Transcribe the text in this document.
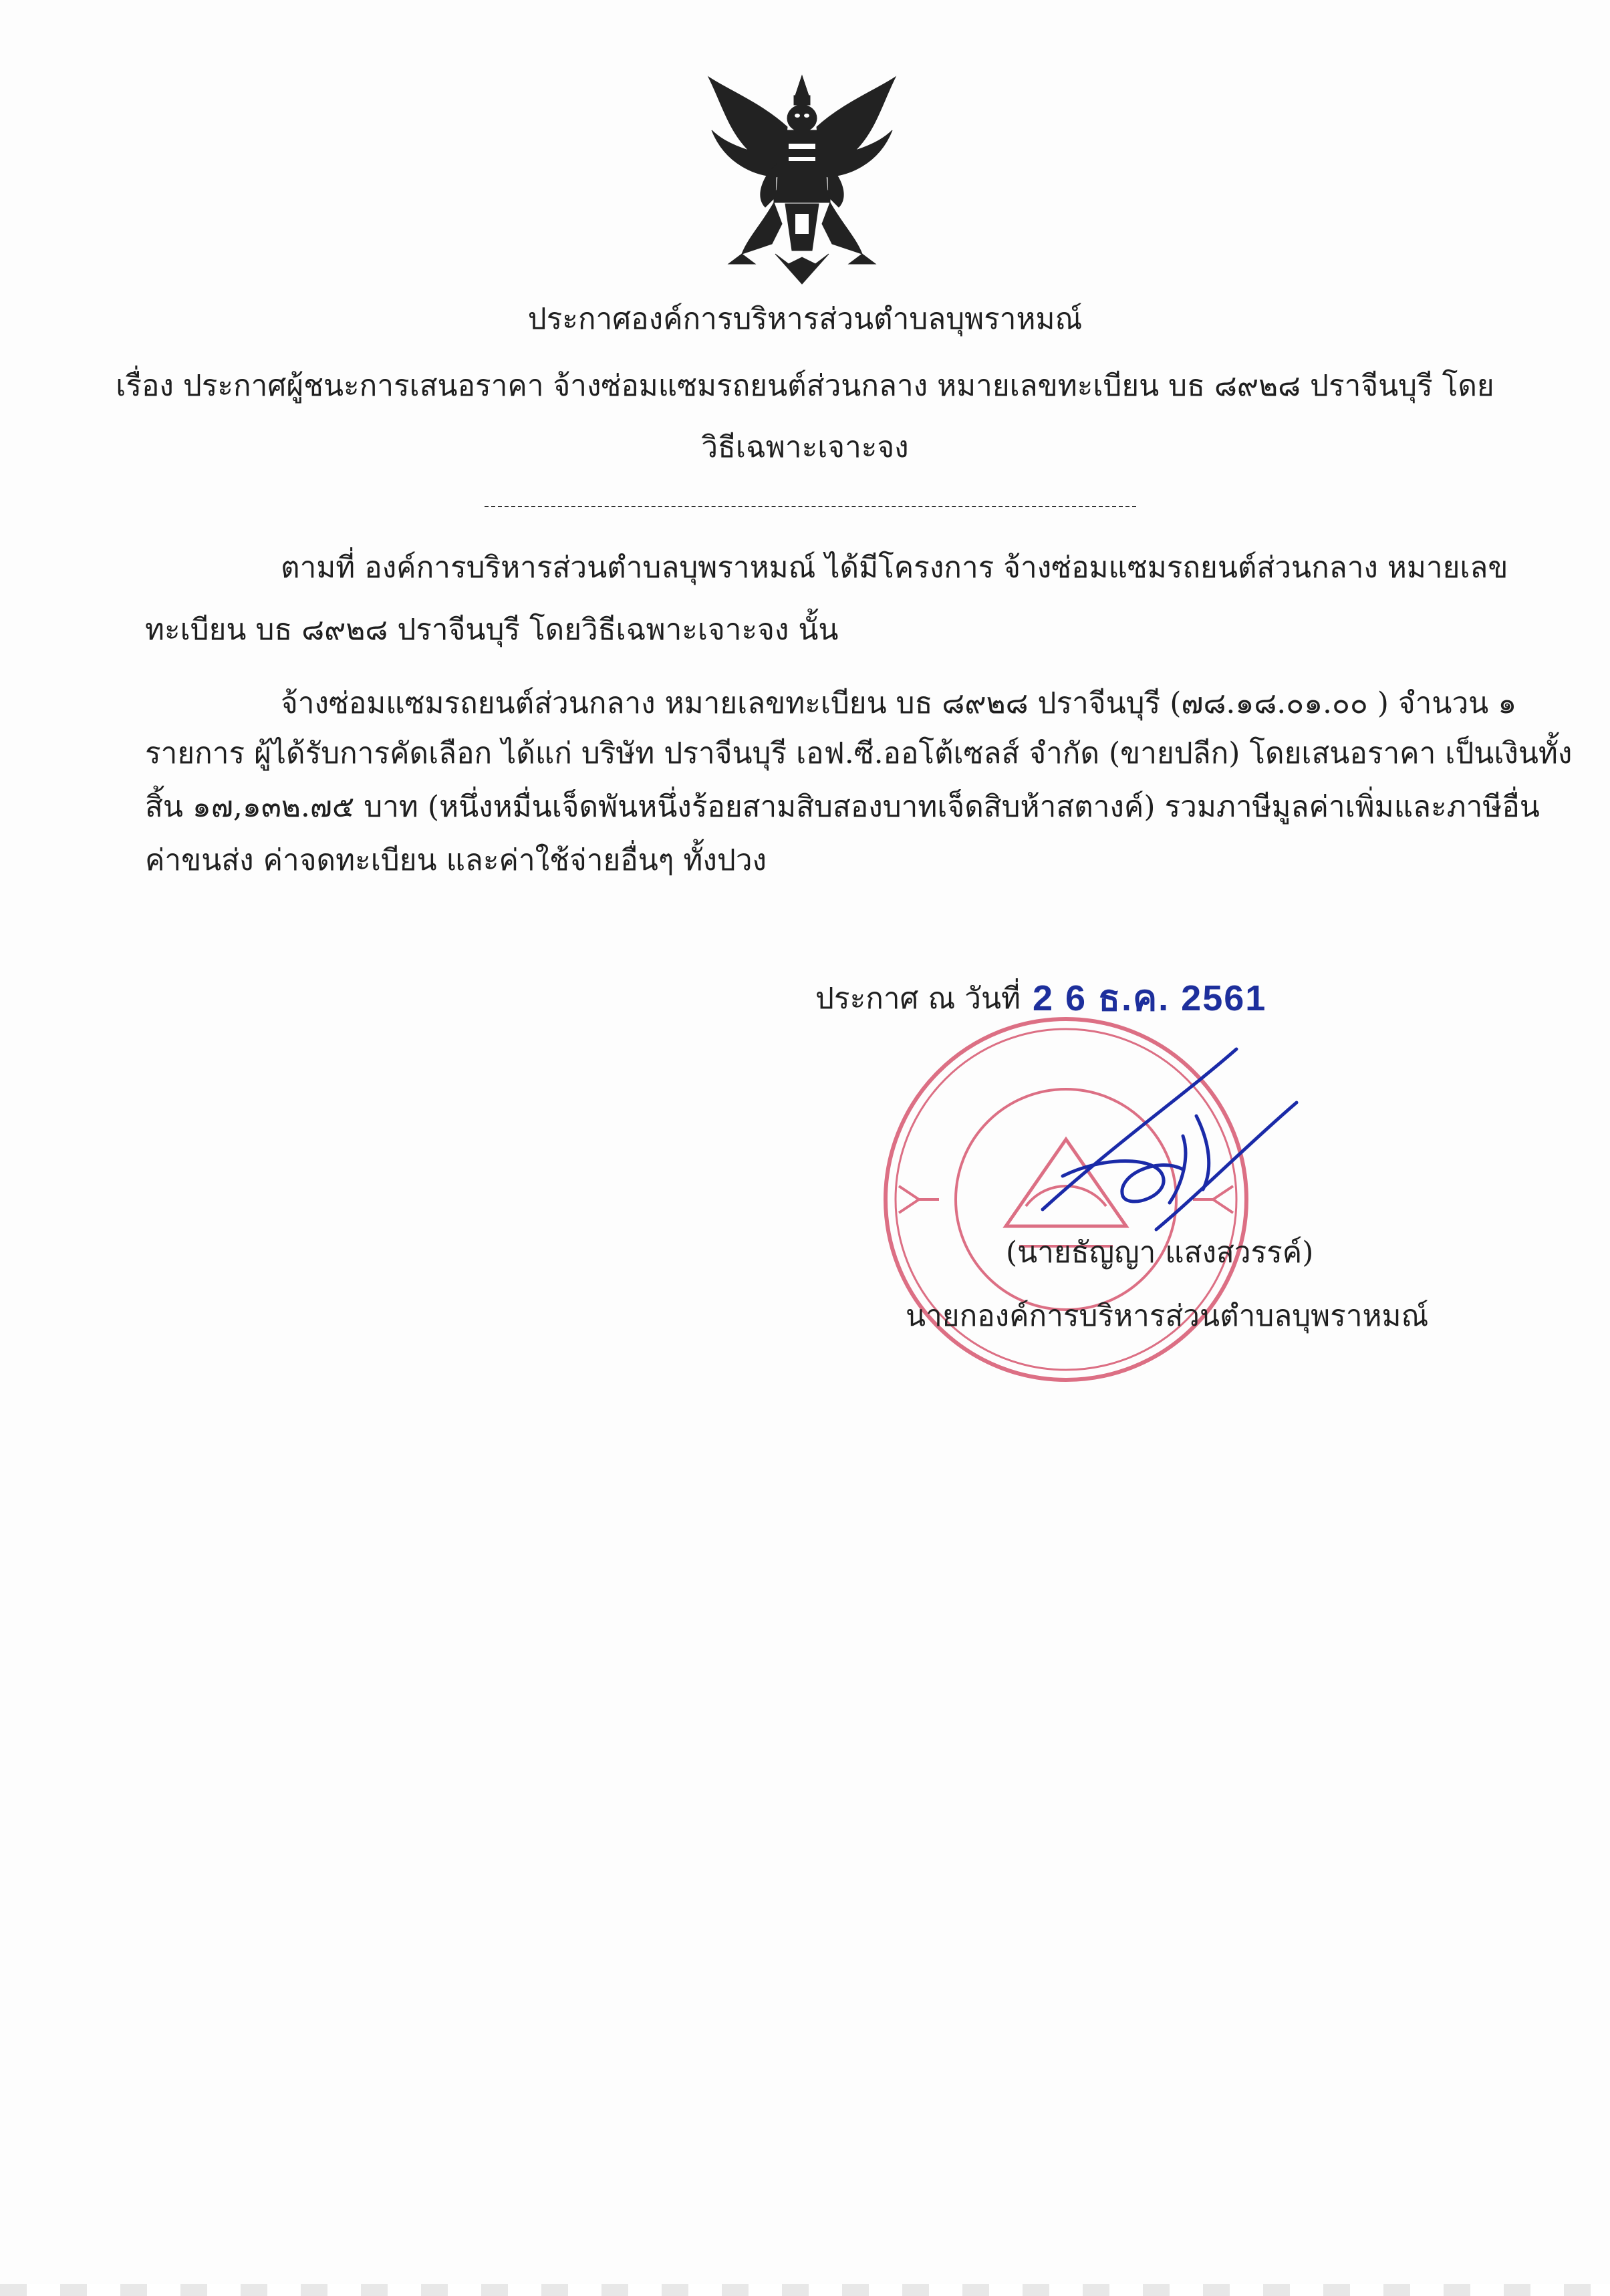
ประกาศองค์การบริหารส่วนตำบลบุพราหมณ์
เรื่อง ประกาศผู้ชนะการเสนอราคา จ้างซ่อมแซมรถยนต์ส่วนกลาง หมายเลขทะเบียน บธ ๘๙๒๘ ปราจีนบุรี โดย
วิธีเฉพาะเจาะจง
ตามที่ องค์การบริหารส่วนตำบลบุพราหมณ์ ได้มีโครงการ จ้างซ่อมแซมรถยนต์ส่วนกลาง หมายเลข
ทะเบียน บธ ๘๙๒๘ ปราจีนบุรี โดยวิธีเฉพาะเจาะจง นั้น
จ้างซ่อมแซมรถยนต์ส่วนกลาง หมายเลขทะเบียน บธ ๘๙๒๘ ปราจีนบุรี (๗๘.๑๘.๐๑.๐๐ ) จำนวน ๑
รายการ ผู้ได้รับการคัดเลือก ได้แก่ บริษัท ปราจีนบุรี เอฟ.ซี.ออโต้เซลส์ จำกัด (ขายปลีก) โดยเสนอราคา เป็นเงินทั้ง
สิ้น ๑๗,๑๓๒.๗๕ บาท (หนึ่งหมื่นเจ็ดพันหนึ่งร้อยสามสิบสองบาทเจ็ดสิบห้าสตางค์) รวมภาษีมูลค่าเพิ่มและภาษีอื่น
ค่าขนส่ง ค่าจดทะเบียน และค่าใช้จ่ายอื่นๆ ทั้งปวง
ประกาศ ณ วันที่ 2 6 ธ.ค. 2561
(นายธัญญา แสงสวรรค์)
นายกองค์การบริหารส่วนตำบลบุพราหมณ์
